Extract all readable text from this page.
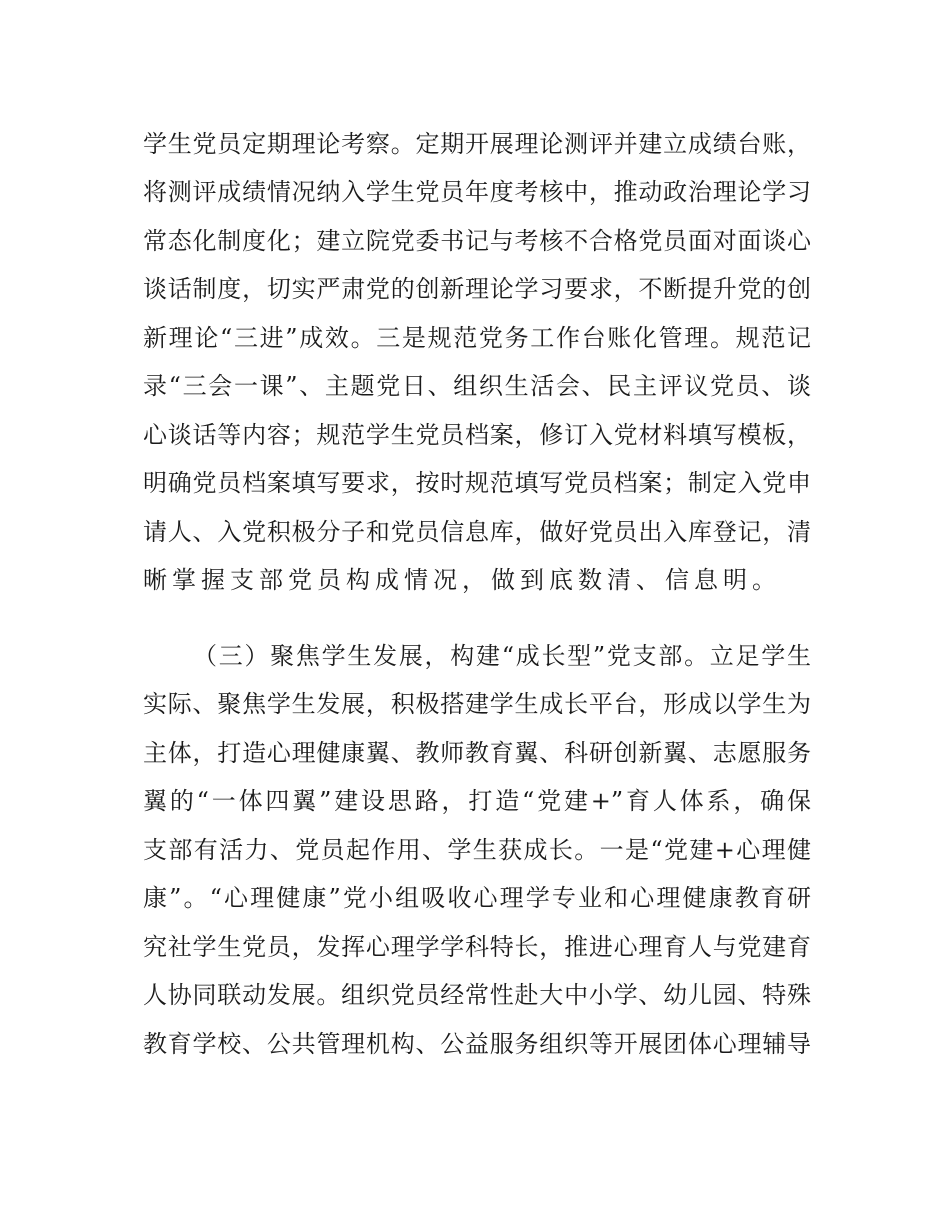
学生党员定期理论考察。定期开展理论测评并建立成绩台账，
将测评成绩情况纳入学生党员年度考核中，推动政治理论学习
常态化制度化；建立院党委书记与考核不合格党员面对面谈心
谈话制度，切实严肃党的创新理论学习要求，不断提升党的创
新理论“三进”成效。三是规范党务工作台账化管理。规范记
录“三会一课”、主题党日、组织生活会、民主评议党员、谈
心谈话等内容；规范学生党员档案，修订入党材料填写模板，
明确党员档案填写要求，按时规范填写党员档案；制定入党申
请人、入党积极分子和党员信息库，做好党员出入库登记，清
晰掌握支部党员构成情况，做到底数清、信息明。
（三）聚焦学生发展，构建“成长型”党支部。立足学生
实际、聚焦学生发展，积极搭建学生成长平台，形成以学生为
主体，打造心理健康翼、教师教育翼、科研创新翼、志愿服务
翼的“一体四翼”建设思路，打造“党建+”育人体系，确保
支部有活力、党员起作用、学生获成长。一是“党建+心理健
康”。“心理健康”党小组吸收心理学专业和心理健康教育研
究社学生党员，发挥心理学学科特长，推进心理育人与党建育
人协同联动发展。组织党员经常性赴大中小学、幼儿园、特殊
教育学校、公共管理机构、公益服务组织等开展团体心理辅导
